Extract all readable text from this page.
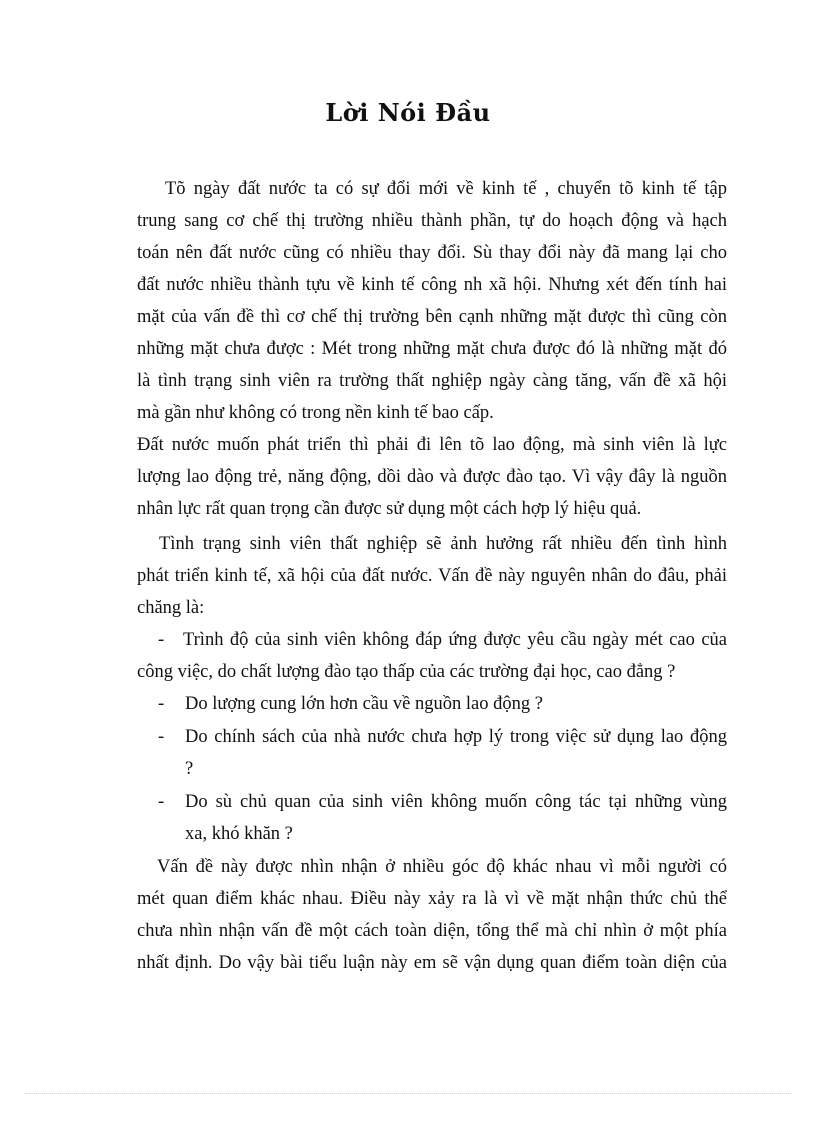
Lời Nói Đầu
Tõ ngày đất nước ta có sự đổi mới về kinh tế , chuyển tõ kinh tế tập
trung sang cơ chế thị trường nhiều thành phần, tự do hoạch động và hạch
toán nên đất nước cũng có nhiều thay đổi. Sù thay đổi này đã mang lại cho
đất nước nhiều thành tựu về kinh tế công nh xã hội. Nhưng xét đến tính hai
mặt của vấn đề thì cơ chế thị trường bên cạnh những mặt được thì cũng còn
những mặt chưa được : Mét trong những mặt chưa được đó là những mặt đó
là tình trạng sinh viên ra trường thất nghiệp ngày càng tăng, vấn đề xã hội
mà gần như không có trong nền kinh tế bao cấp.
Đất nước muốn phát triển thì phải đi lên tõ lao động, mà sinh viên là lực
lượng lao động trẻ, năng động, dồi dào và được đào tạo. Vì vậy đây là nguồn
nhân lực rất quan trọng cần được sử dụng một cách hợp lý hiệu quả.
Tình trạng sinh viên thất nghiệp sẽ ảnh hưởng rất nhiều đến tình hình
phát triển kinh tế, xã hội của đất nước. Vấn đề này nguyên nhân do đâu, phải
chăng là:
- Trình độ của sinh viên không đáp ứng được yêu cầu ngày mét cao của
công việc, do chất lượng đào tạo thấp của các trường đại học, cao đẳng ?
- Do lượng cung lớn hơn cầu về nguồn lao động ?
- Do chính sách của nhà nước chưa hợp lý trong việc sử dụng lao động
?
- Do sù chủ quan của sinh viên không muốn công tác tại những vùng
xa, khó khăn ?
Vấn đề này được nhìn nhận ở nhiều góc độ khác nhau vì mỗi người có
mét quan điểm khác nhau. Điều này xảy ra là vì về mặt nhận thức chủ thể
chưa nhìn nhận vấn đề một cách toàn diện, tổng thể mà chỉ nhìn ở một phía
nhất định. Do vậy bài tiểu luận này em sẽ vận dụng quan điểm toàn diện của
